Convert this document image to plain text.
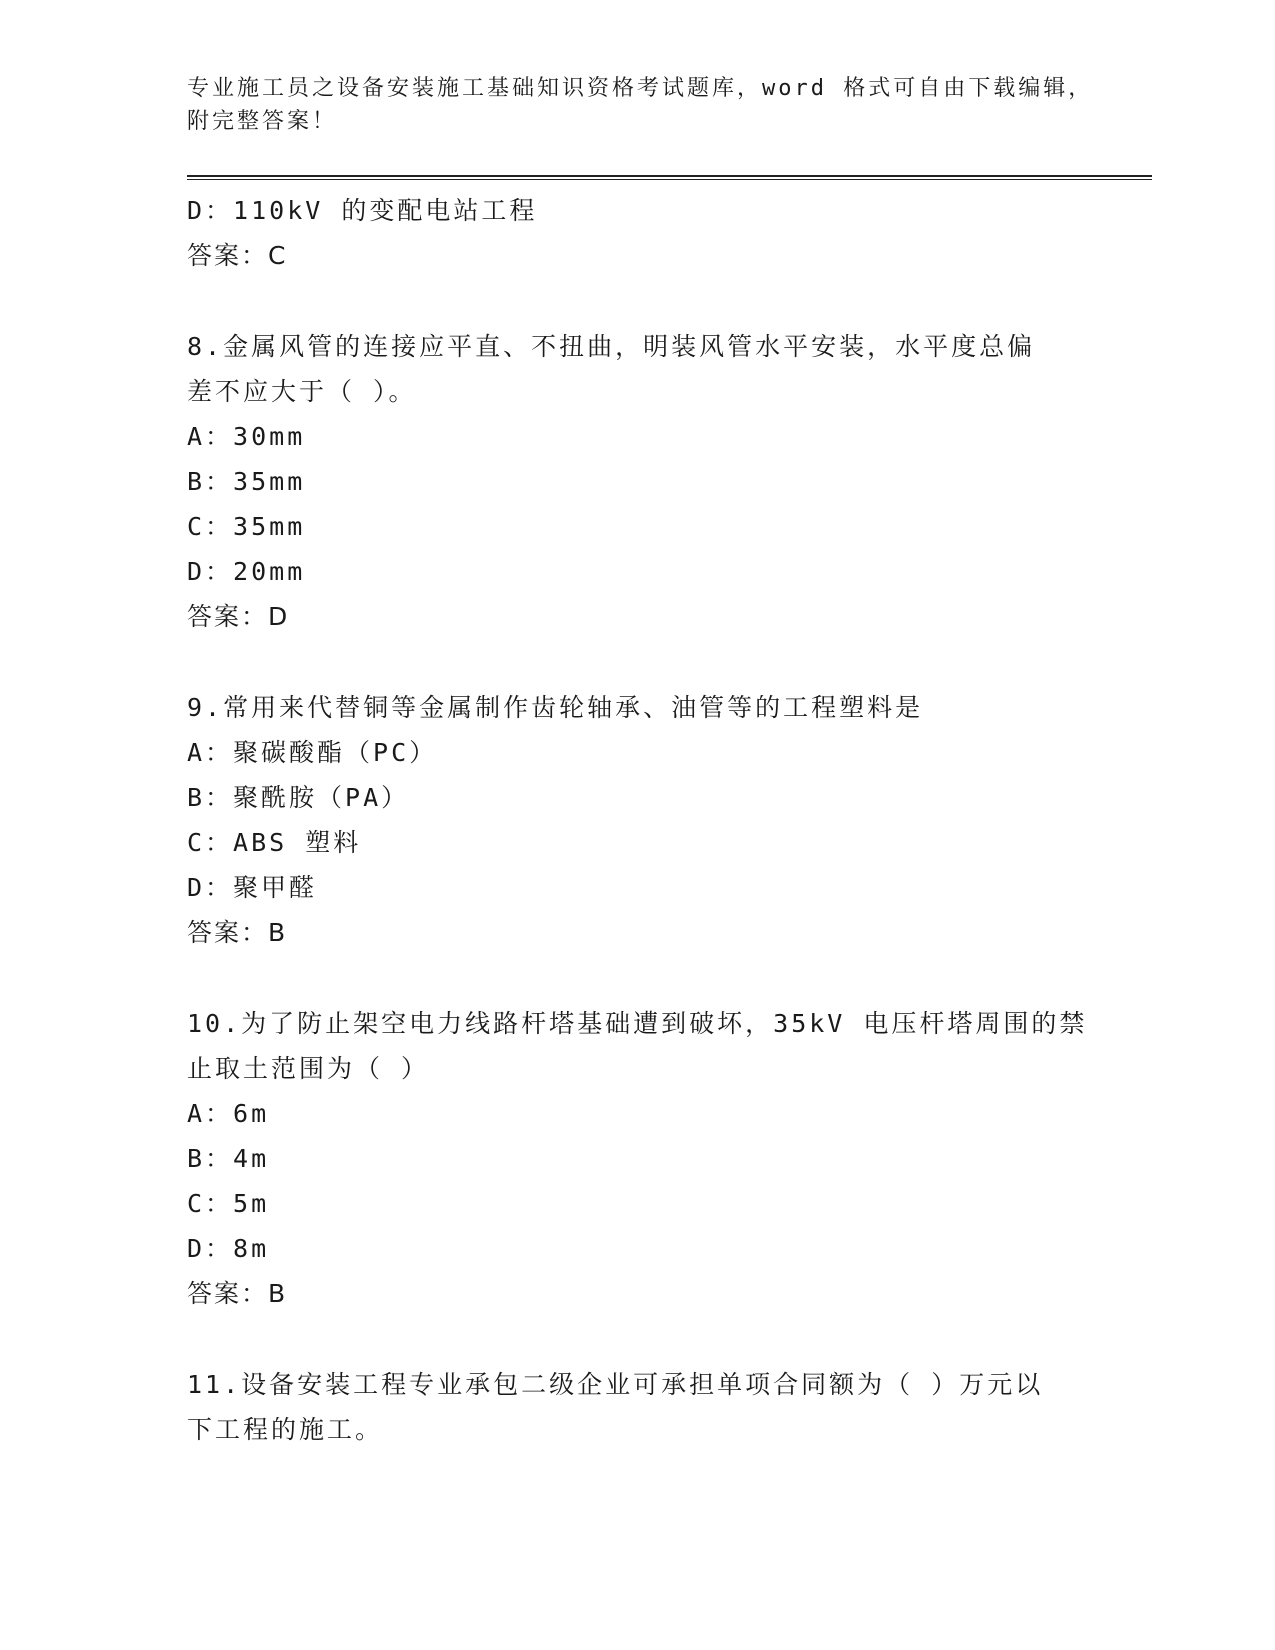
专业施工员之设备安装施工基础知识资格考试题库，word 格式可自由下载编辑，

附完整答案！

D：110kV 的变配电站工程
答案：C
8.金属风管的连接应平直、不扭曲，明装风管水平安装，水平度总偏
差不应大于（ ）。
A：30mm
B：35mm
C：35mm
D：20mm
答案：D
9.常用来代替铜等金属制作齿轮轴承、油管等的工程塑料是
A：聚碳酸酯（PC）
B：聚酰胺（PA）
C：ABS 塑料
D：聚甲醛
答案：B
10.为了防止架空电力线路杆塔基础遭到破坏，35kV 电压杆塔周围的禁
止取土范围为（ ）
A：6m
B：4m
C：5m
D：8m
答案：B
11.设备安装工程专业承包二级企业可承担单项合同额为（ ）万元以
下工程的施工。
